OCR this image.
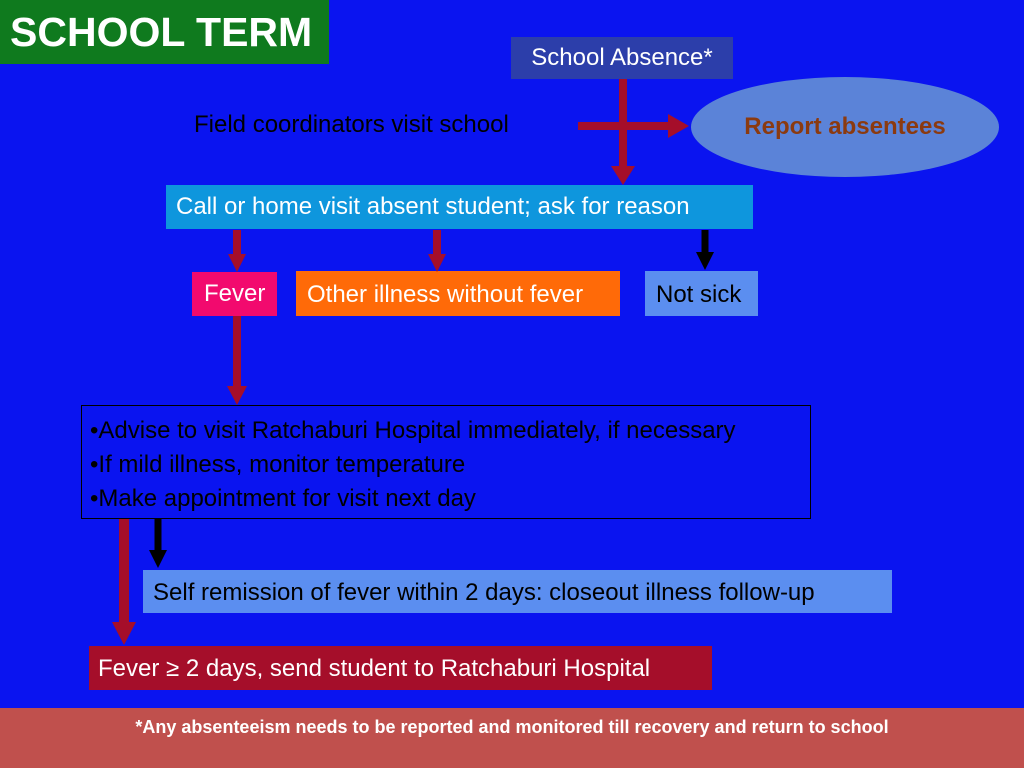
SCHOOL TERM
School Absence*
Field coordinators visit school	Report absentees
Call or home visit absent student; ask for reason
Fever	Other illness without fever	Not sick
•Advise to visit Ratchaburi Hospital immediately, if necessary
•If mild illness, monitor temperature
•Make appointment for visit next day
Self remission of fever within 2 days: closeout illness follow-up
Fever ≥ 2 days, send student to Ratchaburi Hospital
*Any absenteeism needs to be reported and monitored till recovery and return to school
